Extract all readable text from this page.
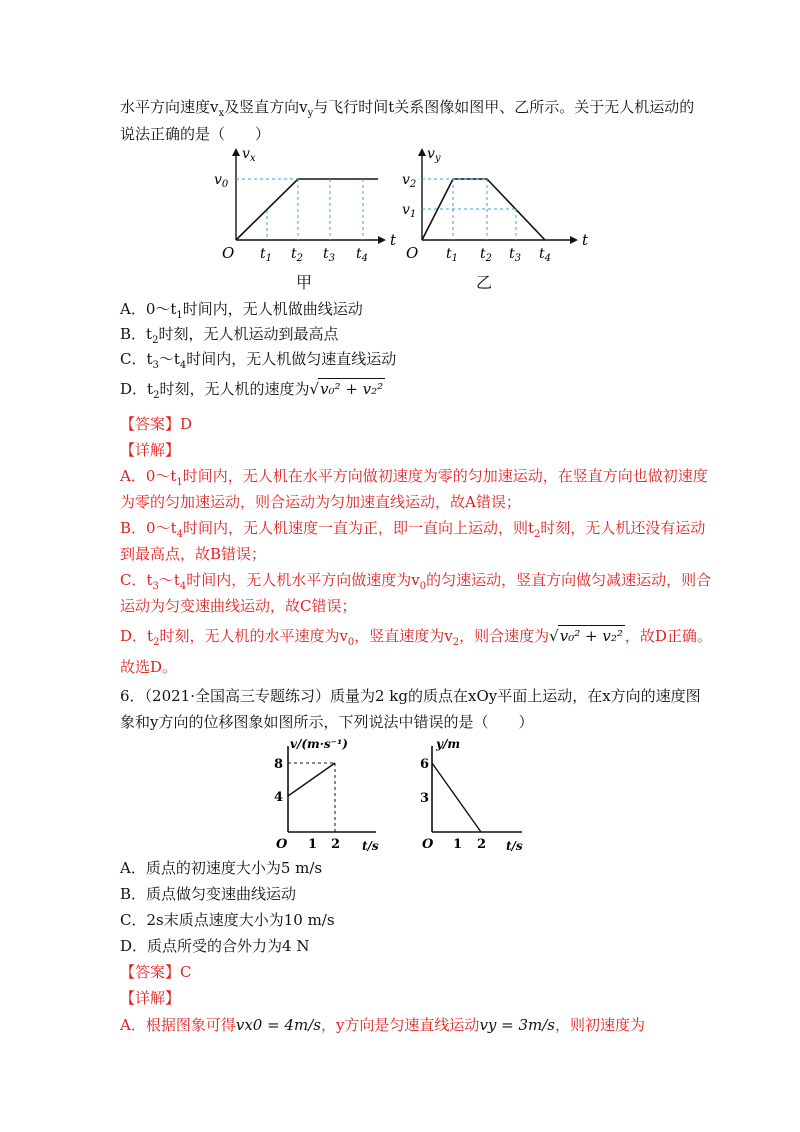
水平方向速度$v_x$及竖直方向$v_y$与飞行时间t关系图像如图甲、乙所示。关于无人机运动的
说法正确的是（　　）
$v_x$
$v_0$
O
t
$t_1$ $t_2$ $t_3$ $t_4$
$v_y$
$v_2$
$v_1$
O
t
$t_1$ $t_2$ $t_3$ $t_4$
甲	乙
A．$0\sim t_1$时间内，无人机做曲线运动
B．$t_2$时刻，无人机运动到最高点
C．$t_3\sim t_4$时间内，无人机做匀速直线运动
D．$t_2$时刻，无人机的速度为√v₀² + v₂²
【答案】D
【详解】
A．$0\sim t_1$时间内，无人机在水平方向做初速度为零的匀加速运动，在竖直方向也做初速度
为零的匀加速运动，则合运动为匀加速直线运动，故A错误；
B．$0\sim t_4$时间内，无人机速度一直为正，即一直向上运动，则$t_2$时刻，无人机还没有运动
到最高点，故B错误；
C．$t_3\sim t_4$时间内，无人机水平方向做速度为$v_0$的匀速运动，竖直方向做匀减速运动，则合
运动为匀变速曲线运动，故C错误；
D．$t_2$时刻，无人机的水平速度为$v_0$，竖直速度为$v_2$，则合速度为√v₀² + v₂² ，故D正确。
故选D。
6．（2021·全国高三专题练习）质量为2 kg的质点在xOy平面上运动，在x方向的速度图
象和y方向的位移图象如图所示，下列说法中错误的是（　　）
v/(m·s⁻¹)
8
4
O 1 2 t/s
y/m
6
3
O 1 2 t/s
A．质点的初速度大小为5 m/s
B．质点做匀变速曲线运动
C．2s末质点速度大小为10 m/s
D．质点所受的合外力为4 N
【答案】C
【详解】
A．根据图象可得vx0 = 4m/s，y方向是匀速直线运动vy = 3m/s，则初速度为
